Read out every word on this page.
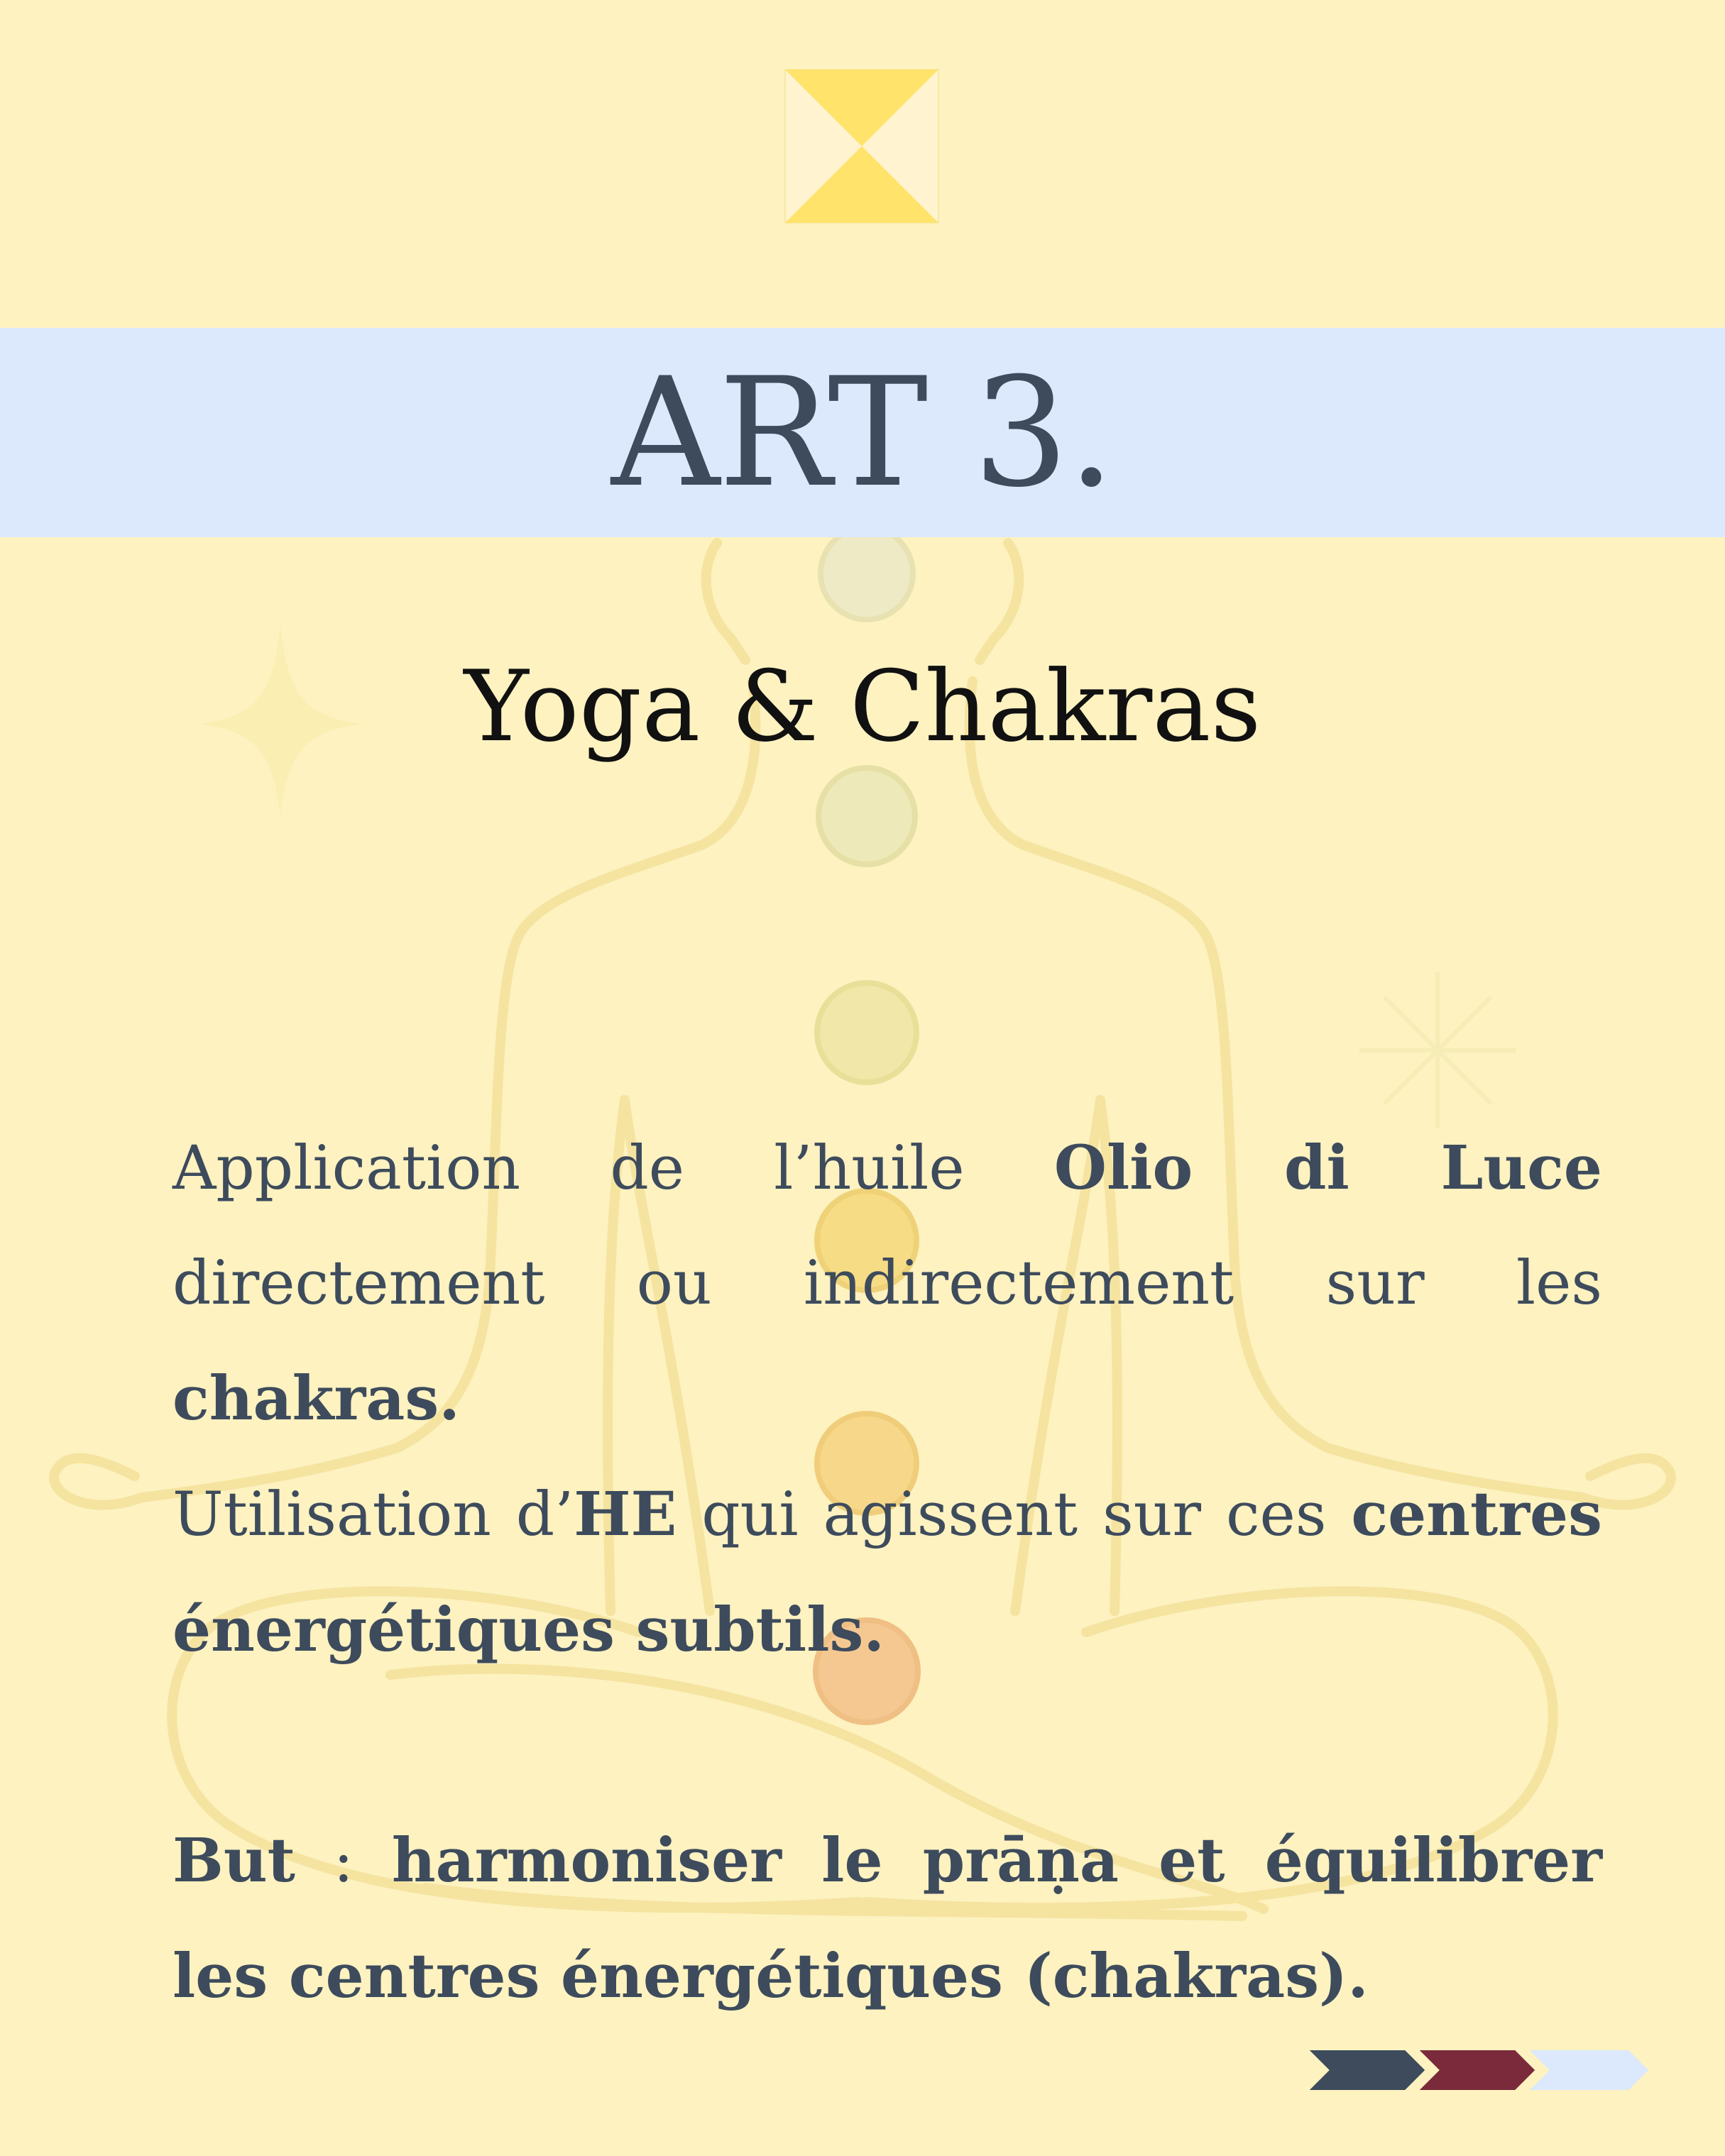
ART 3.
Yoga & Chakras

Application de l’huile Olio di Luce directement ou indirectement sur les chakras.

Utilisation d’HE qui agissent sur ces centres énergétiques subtils.

But : harmoniser le prāṇa et équilibrer les centres énergétiques (chakras).
